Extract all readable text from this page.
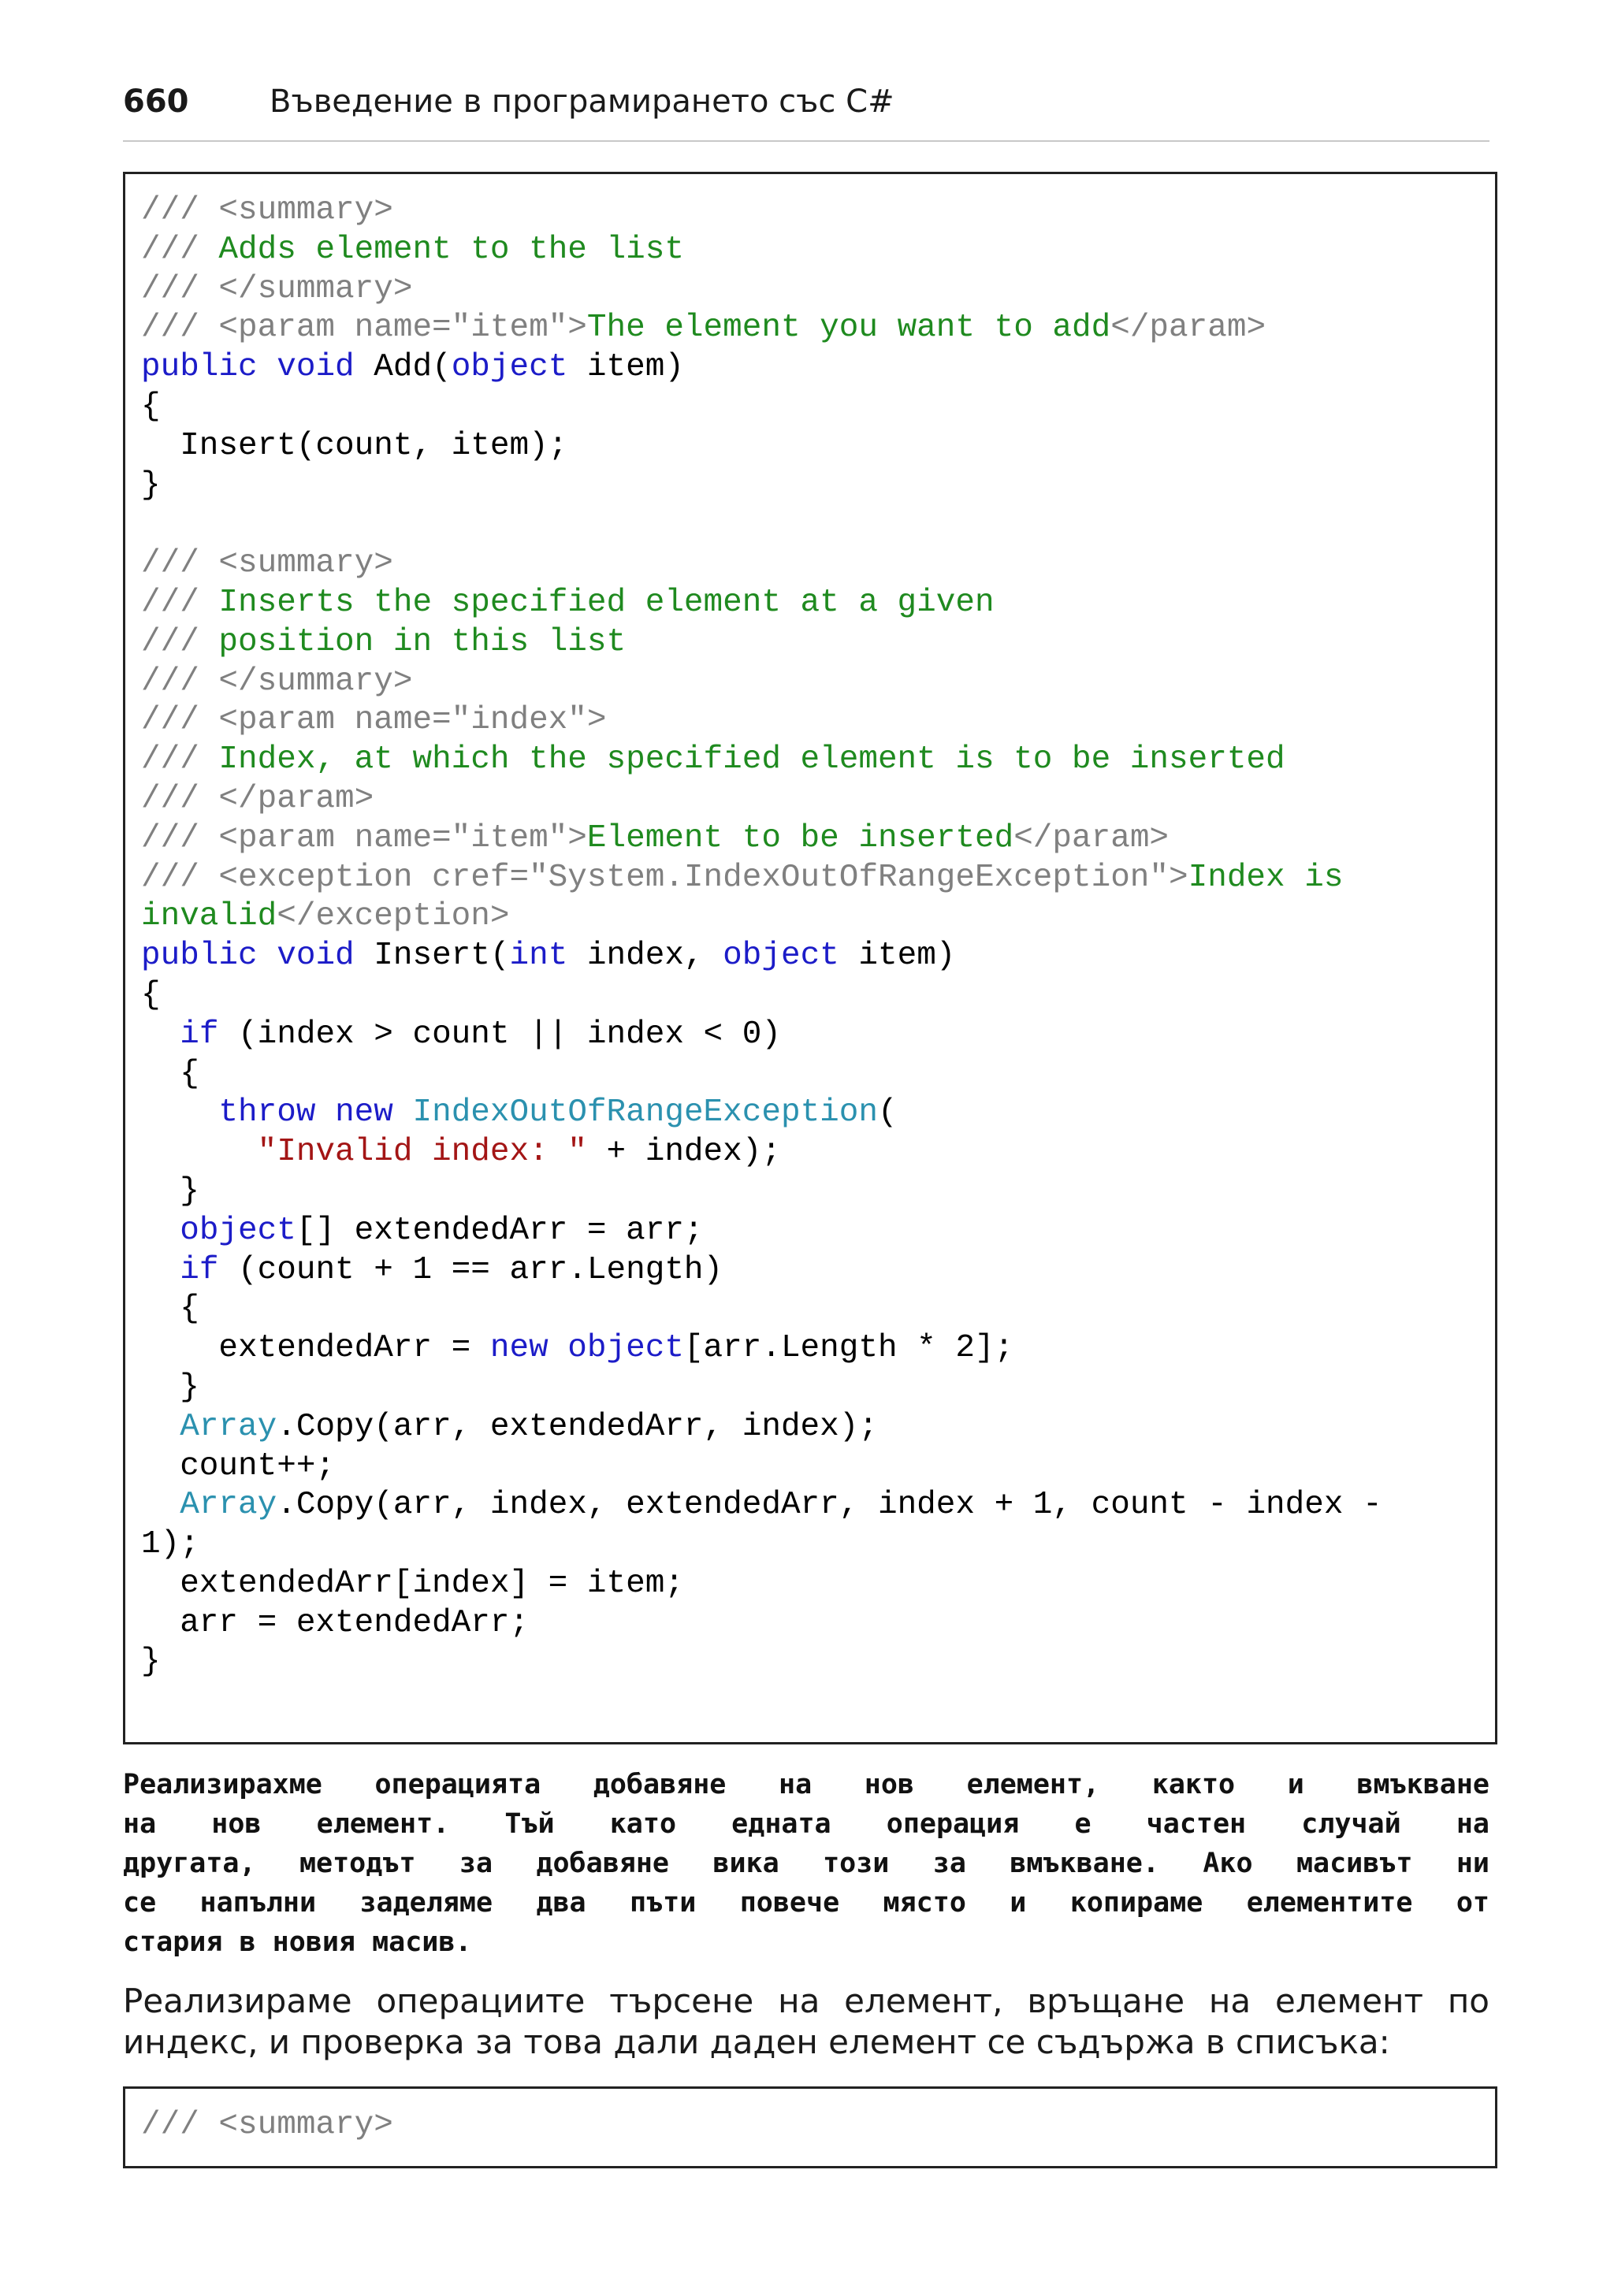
660	Въведение в програмирането със C#
/// <summary>
/// Adds element to the list
/// </summary>
/// <param name="item">The element you want to add</param>
public void Add(object item)
{
Insert(count, item);
}
/// <summary>
/// Inserts the specified element at a given
/// position in this list
/// </summary>
/// <param name="index">
/// Index, at which the specified element is to be inserted
/// </param>
/// <param name="item">Element to be inserted</param>
/// <exception cref="System.IndexOutOfRangeException">Index is
invalid</exception>
public void Insert(int index, object item)
{
if (index > count || index < 0)
{
throw new IndexOutOfRangeException(
"Invalid index: " + index);
}
object[] extendedArr = arr;
if (count + 1 == arr.Length)
{
extendedArr = new object[arr.Length * 2];
}
Array.Copy(arr, extendedArr, index);
count++;
Array.Copy(arr, index, extendedArr, index + 1, count - index -
1);
extendedArr[index] = item;
arr = extendedArr;
}
Реализирахме операцията добавяне на нов елемент, както и вмъкване
на нов елемент. Тъй като едната операция е частен случай на
другата, методът за добавяне вика този за вмъкване. Ако масивът ни
се напълни заделяме два пъти повече място и копираме елементите от
стария в новия масив.
Реализираме операциите търсене на елемент, връщане на елемент по
индекс, и проверка за това дали даден елемент се съдържа в списъка:
/// <summary>
